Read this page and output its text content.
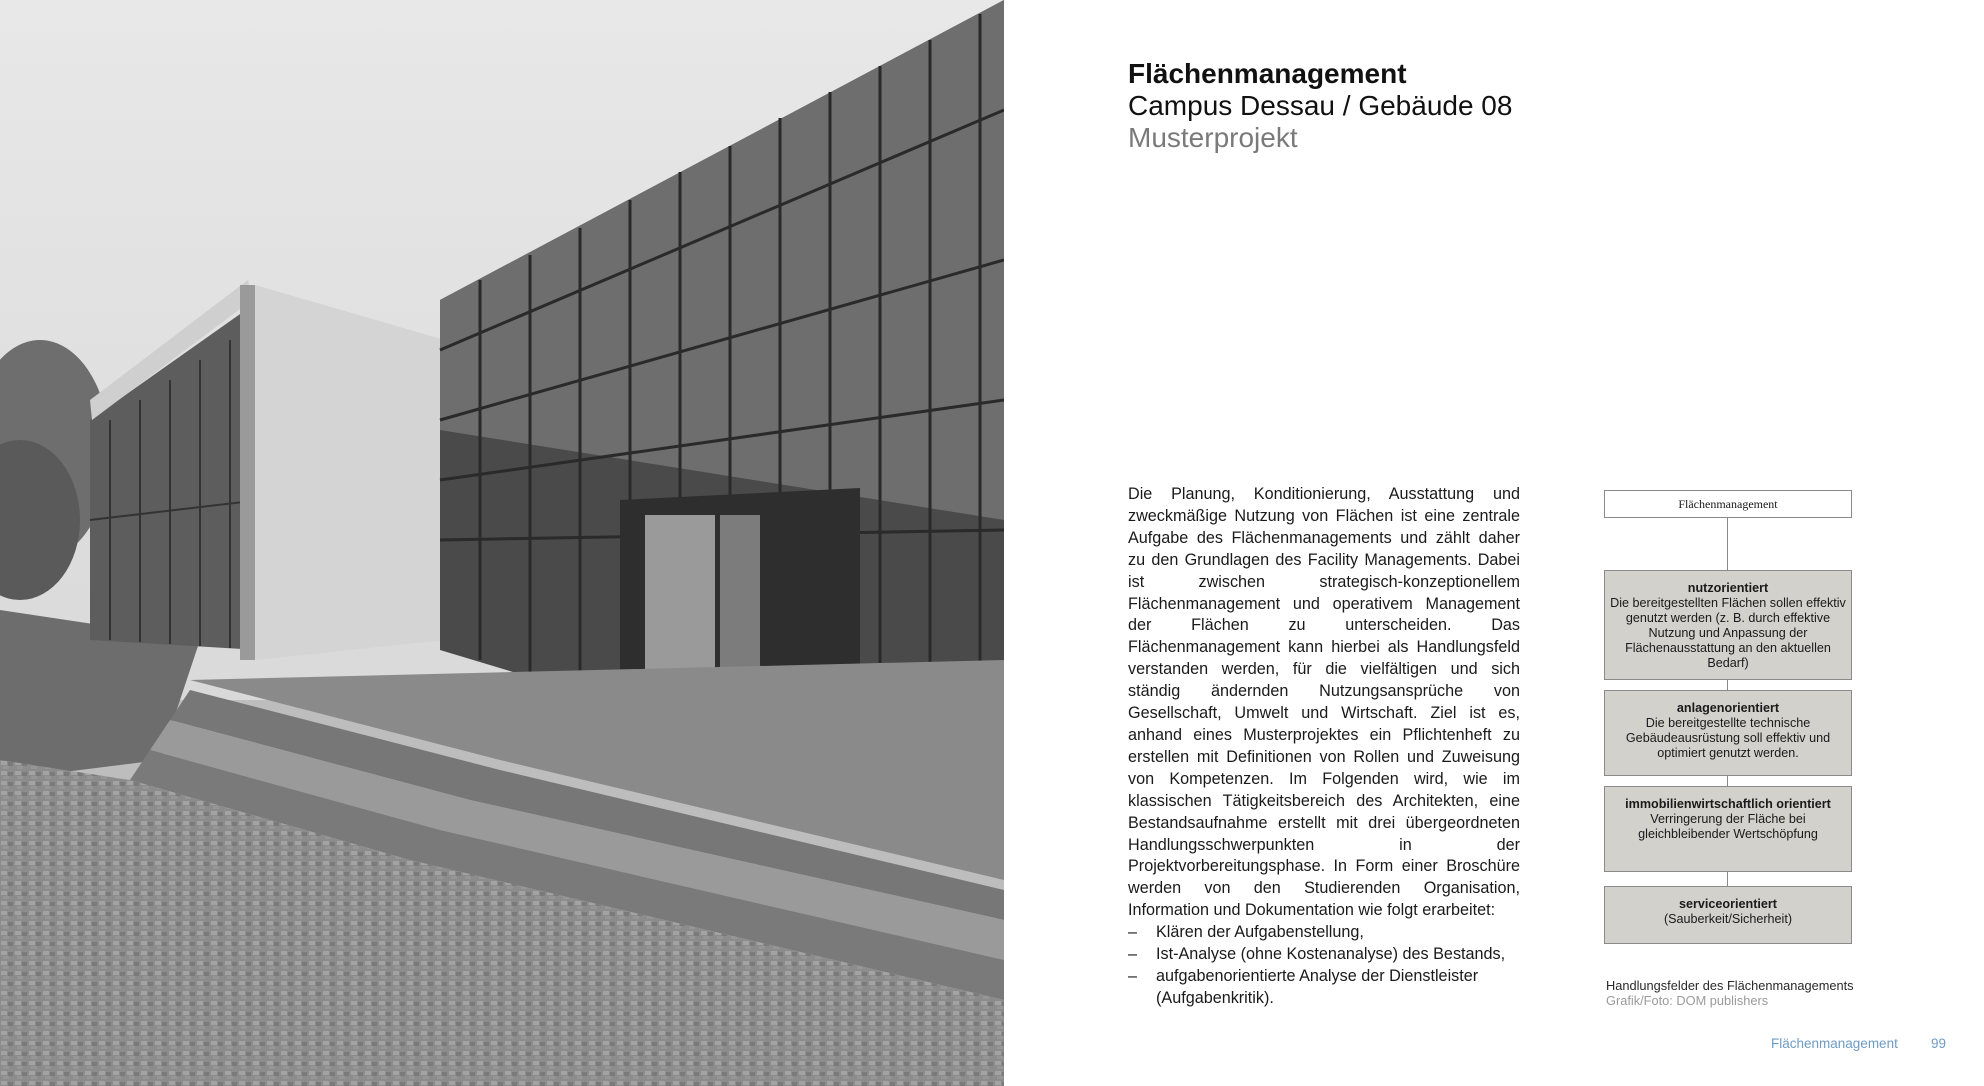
Flächenmanagement
Campus Dessau / Gebäude 08
Musterprojekt

Die Planung, Konditionierung, Ausstattung und zweckmäßige Nutzung von Flächen ist eine zentrale Aufgabe des Flächenmanagements und zählt daher zu den Grundlagen des Facility Managements. Dabei ist zwischen strategisch-konzeptionellem Flächenmanagement und operativem Management der Flächen zu unterscheiden. Das Flächenmanagement kann hierbei als Handlungsfeld verstanden werden, für die vielfältigen und sich ständig ändernden Nutzungsansprüche von Gesellschaft, Umwelt und Wirtschaft. Ziel ist es, anhand eines Musterprojektes ein Pflichtenheft zu erstellen mit Definitionen von Rollen und Zuweisung von Kompetenzen. Im Folgenden wird, wie im klassischen Tätigkeitsbereich des Architekten, eine Bestandsaufnahme erstellt mit drei übergeordneten Handlungsschwerpunkten in der Projektvorbereitungsphase. In Form einer Broschüre werden von den Studierenden Organisation, Information und Dokumentation wie folgt erarbeitet:

– Klären der Aufgabenstellung,
– Ist-Analyse (ohne Kostenanalyse) des Bestands,
– aufgabenorientierte Analyse der Dienstleister (Aufgabenkritik).
Flächenmanagement
nutzorientiert
Die bereitgestellten Flächen sollen effektiv genutzt werden (z. B. durch effektive Nutzung und Anpassung der Flächenausstattung an den aktuellen Bedarf)
anlagenorientiert
Die bereitgestellte technische Gebäudeausrüstung soll effektiv und optimiert genutzt werden.
immobilienwirtschaftlich orientiert
Verringerung der Fläche bei gleichbleibender Wertschöpfung
serviceorientiert
(Sauberkeit/Sicherheit)
Handlungsfelder des Flächenmanagements
Grafik/Foto: DOM publishers
Flächenmanagement 99
